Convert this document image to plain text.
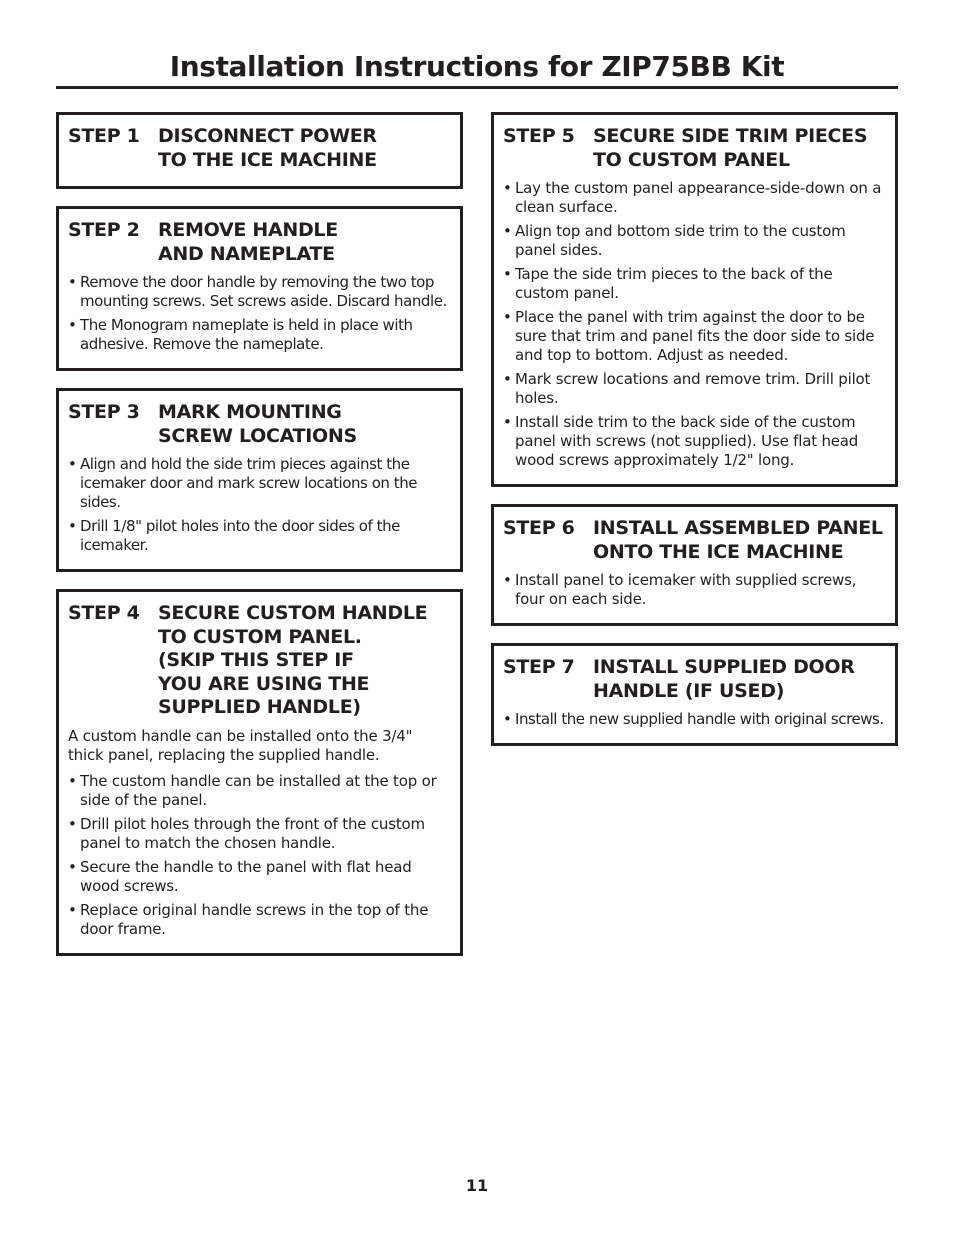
Installation Instructions for ZIP75BB Kit
STEP 1 DISCONNECT POWER
TO THE ICE MACHINE
STEP 2 REMOVE HANDLE
AND NAMEPLATE
• Remove the door handle by removing the two top mounting screws. Set screws aside. Discard handle.
• The Monogram nameplate is held in place with adhesive. Remove the nameplate.
STEP 3 MARK MOUNTING
SCREW LOCATIONS
• Align and hold the side trim pieces against the icemaker door and mark screw locations on the sides.
• Drill 1/8" pilot holes into the door sides of the icemaker.
STEP 4 SECURE CUSTOM HANDLE
TO CUSTOM PANEL.
(SKIP THIS STEP IF
YOU ARE USING THE
SUPPLIED HANDLE)
A custom handle can be installed onto the 3/4" thick panel, replacing the supplied handle.
• The custom handle can be installed at the top or side of the panel.
• Drill pilot holes through the front of the custom panel to match the chosen handle.
• Secure the handle to the panel with flat head wood screws.
• Replace original handle screws in the top of the door frame.
STEP 5 SECURE SIDE TRIM PIECES
TO CUSTOM PANEL
• Lay the custom panel appearance-side-down on a clean surface.
• Align top and bottom side trim to the custom panel sides.
• Tape the side trim pieces to the back of the custom panel.
• Place the panel with trim against the door to be sure that trim and panel fits the door side to side and top to bottom. Adjust as needed.
• Mark screw locations and remove trim. Drill pilot holes.
• Install side trim to the back side of the custom panel with screws (not supplied). Use flat head wood screws approximately 1/2" long.
STEP 6 INSTALL ASSEMBLED PANEL
ONTO THE ICE MACHINE
• Install panel to icemaker with supplied screws, four on each side.
STEP 7 INSTALL SUPPLIED DOOR
HANDLE (IF USED)
• Install the new supplied handle with original screws.
11
